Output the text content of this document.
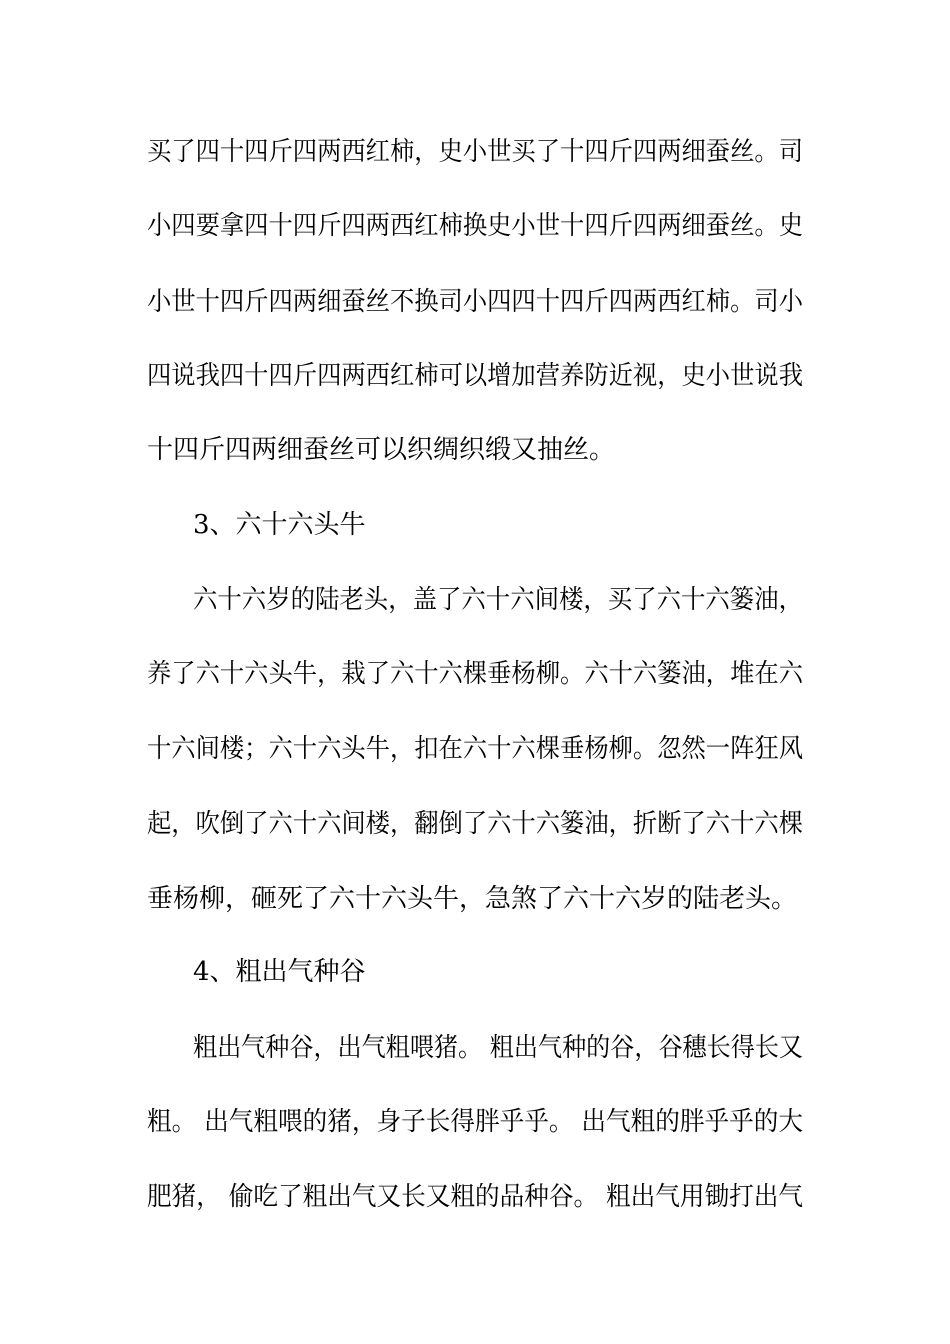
买了四十四斤四两西红柿，史小世买了十四斤四两细蚕丝。司
小四要拿四十四斤四两西红柿换史小世十四斤四两细蚕丝。史
小世十四斤四两细蚕丝不换司小四四十四斤四两西红柿。司小
四说我四十四斤四两西红柿可以增加营养防近视，史小世说我
十四斤四两细蚕丝可以织绸织缎又抽丝。
3、六十六头牛
六十六岁的陆老头，盖了六十六间楼，买了六十六篓油，
养了六十六头牛，栽了六十六棵垂杨柳。六十六篓油，堆在六
十六间楼；六十六头牛，扣在六十六棵垂杨柳。忽然一阵狂风
起，吹倒了六十六间楼，翻倒了六十六篓油，折断了六十六棵
垂杨柳，砸死了六十六头牛，急煞了六十六岁的陆老头。
4、粗出气种谷
粗出气种谷，出气粗喂猪。 粗出气种的谷，谷穗长得长又
粗。 出气粗喂的猪，身子长得胖乎乎。 出气粗的胖乎乎的大
肥猪， 偷吃了粗出气又长又粗的品种谷。 粗出气用锄打出气
